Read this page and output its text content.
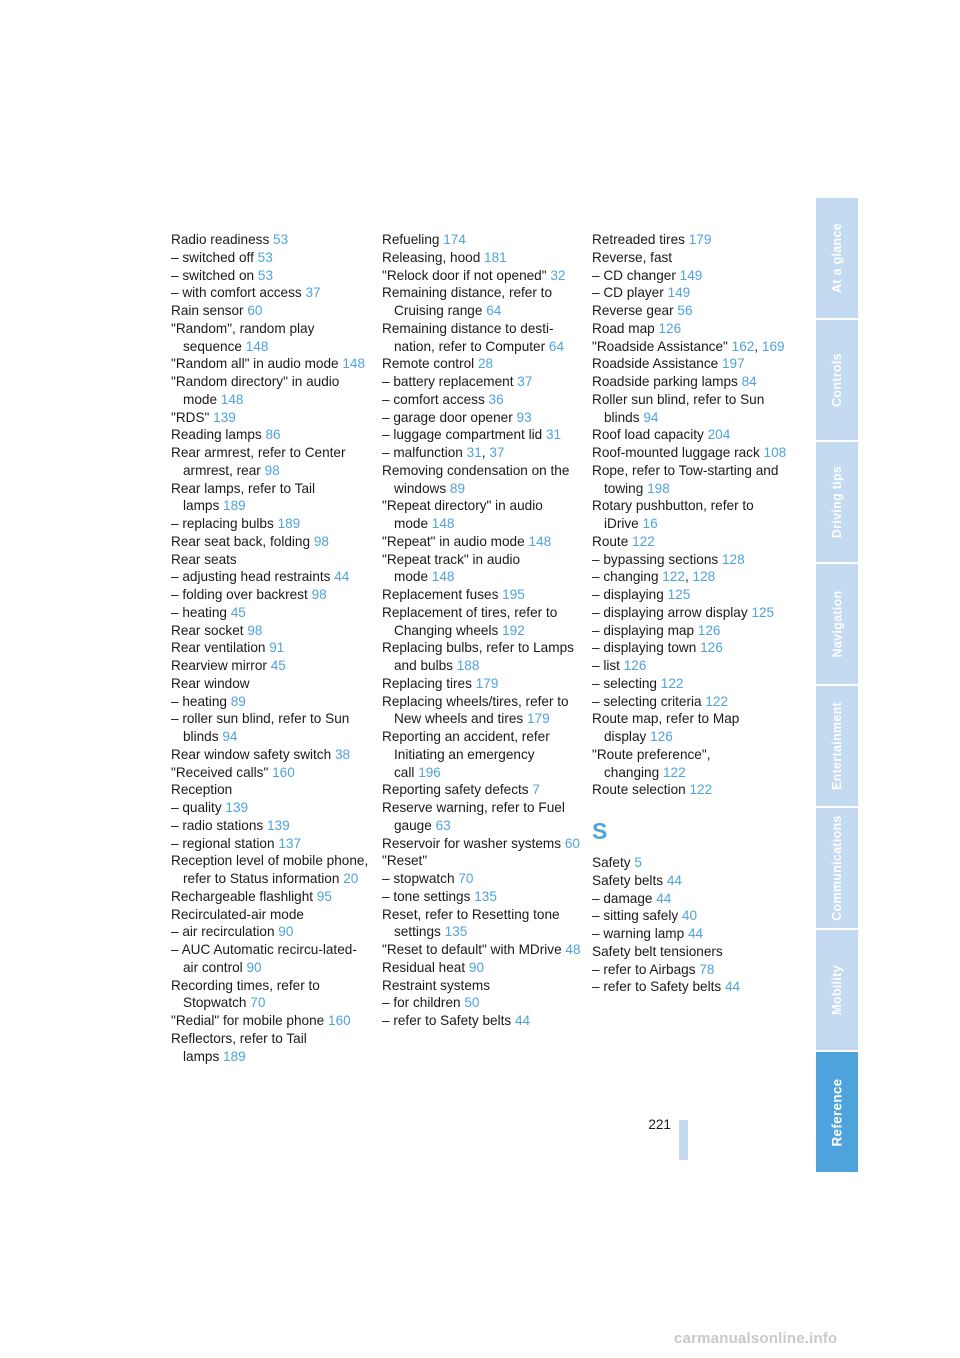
Radio readiness 53
– switched off 53
– switched on 53
– with comfort access 37
Rain sensor 60
"Random", random play sequence 148
"Random all" in audio mode 148
"Random directory" in audio mode 148
"RDS" 139
Reading lamps 86
Rear armrest, refer to Center armrest, rear 98
Rear lamps, refer to Tail lamps 189
– replacing bulbs 189
Rear seat back, folding 98
Rear seats
– adjusting head restraints 44
– folding over backrest 98
– heating 45
Rear socket 98
Rear ventilation 91
Rearview mirror 45
Rear window
– heating 89
– roller sun blind, refer to Sun blinds 94
Rear window safety switch 38
"Received calls" 160
Reception
– quality 139
– radio stations 139
– regional station 137
Reception level of mobile phone, refer to Status information 20
Rechargeable flashlight 95
Recirculated-air mode
– air recirculation 90
– AUC Automatic recircu-lated-air control 90
Recording times, refer to Stopwatch 70
"Redial" for mobile phone 160
Reflectors, refer to Tail lamps 189
Refueling 174
Releasing, hood 181
"Relock door if not opened" 32
Remaining distance, refer to Cruising range 64
Remaining distance to desti-nation, refer to Computer 64
Remote control 28
– battery replacement 37
– comfort access 36
– garage door opener 93
– luggage compartment lid 31
– malfunction 31, 37
Removing condensation on the windows 89
"Repeat directory" in audio mode 148
"Repeat" in audio mode 148
"Repeat track" in audio mode 148
Replacement fuses 195
Replacement of tires, refer to Changing wheels 192
Replacing bulbs, refer to Lamps and bulbs 188
Replacing tires 179
Replacing wheels/tires, refer to New wheels and tires 179
Reporting an accident, refer Initiating an emergency call 196
Reporting safety defects 7
Reserve warning, refer to Fuel gauge 63
Reservoir for washer systems 60
"Reset"
– stopwatch 70
– tone settings 135
Reset, refer to Resetting tone settings 135
"Reset to default" with MDrive 48
Residual heat 90
Restraint systems
– for children 50
– refer to Safety belts 44
Retreaded tires 179
Reverse, fast
– CD changer 149
– CD player 149
Reverse gear 56
Road map 126
"Roadside Assistance" 162, 169
Roadside Assistance 197
Roadside parking lamps 84
Roller sun blind, refer to Sun blinds 94
Roof load capacity 204
Roof-mounted luggage rack 108
Rope, refer to Tow-starting and towing 198
Rotary pushbutton, refer to iDrive 16
Route 122
– bypassing sections 128
– changing 122, 128
– displaying 125
– displaying arrow display 125
– displaying map 126
– displaying town 126
– list 126
– selecting 122
– selecting criteria 122
Route map, refer to Map display 126
"Route preference", changing 122
Route selection 122
S
Safety 5
Safety belts 44
– damage 44
– sitting safely 40
– warning lamp 44
Safety belt tensioners
– refer to Airbags 78
– refer to Safety belts 44
At a glance
Controls
Driving tips
Navigation
Entertainment
Communications
Mobility
Reference
221
carmanualsonline.info
